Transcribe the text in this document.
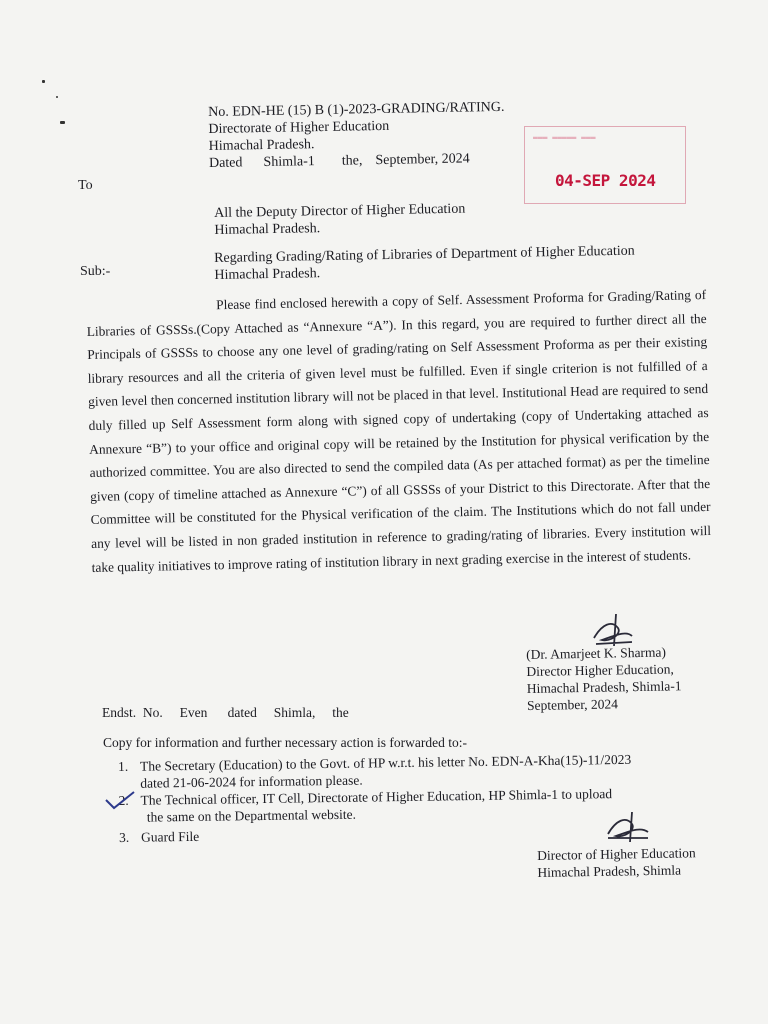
No. EDN-HE (15) B (1)-2023-GRADING/RATING.
Directorate of Higher Education
Himachal Pradesh.
Dated Shimla-1 the, September, 2024
▬▬▬ ▬▬▬▬▬ ▬▬▬
04-SEP 2024
To
All the Deputy Director of Higher Education
Himachal Pradesh.
Sub:-
Regarding Grading/Rating of Libraries of Department of Higher Education
Himachal Pradesh.
Please find enclosed herewith a copy of Self. Assessment Proforma for Grading/Rating of Libraries of GSSSs.(Copy Attached as “Annexure “A”). In this regard, you are required to further direct all the Principals of GSSSs to choose any one level of grading/rating on Self Assessment Proforma as per their existing library resources and all the criteria of given level must be fulfilled. Even if single criterion is not fulfilled of a given level then concerned institution library will not be placed in that level. Institutional Head are required to send duly filled up Self Assessment form along with signed copy of undertaking (copy of Undertaking attached as Annexure “B”) to your office and original copy will be retained by the Institution for physical verification by the authorized committee. You are also directed to send the compiled data (As per attached format) as per the timeline given (copy of timeline attached as Annexure “C”) of all GSSSs of your District to this Directorate. After that the Committee will be constituted for the Physical verification of the claim. The Institutions which do not fall under any level will be listed in non graded institution in reference to grading/rating of libraries. Every institution will take quality initiatives to improve rating of institution library in next grading exercise in the interest of students.
(Dr. Amarjeet K. Sharma)
Director Higher Education,
Himachal Pradesh, Shimla-1
September, 2024
Endst.  No.     Even      dated     Shimla,     the
Copy for information and further necessary action is forwarded to:-
1. The Secretary (Education) to the Govt. of HP w.r.t. his letter No. EDN-A-Kha(15)-11/2023
dated 21-06-2024 for information please.
2. The Technical officer, IT Cell, Directorate of Higher Education, HP Shimla-1 to upload
the same on the Departmental website.
3. Guard File
Director of Higher Education
Himachal Pradesh, Shimla
